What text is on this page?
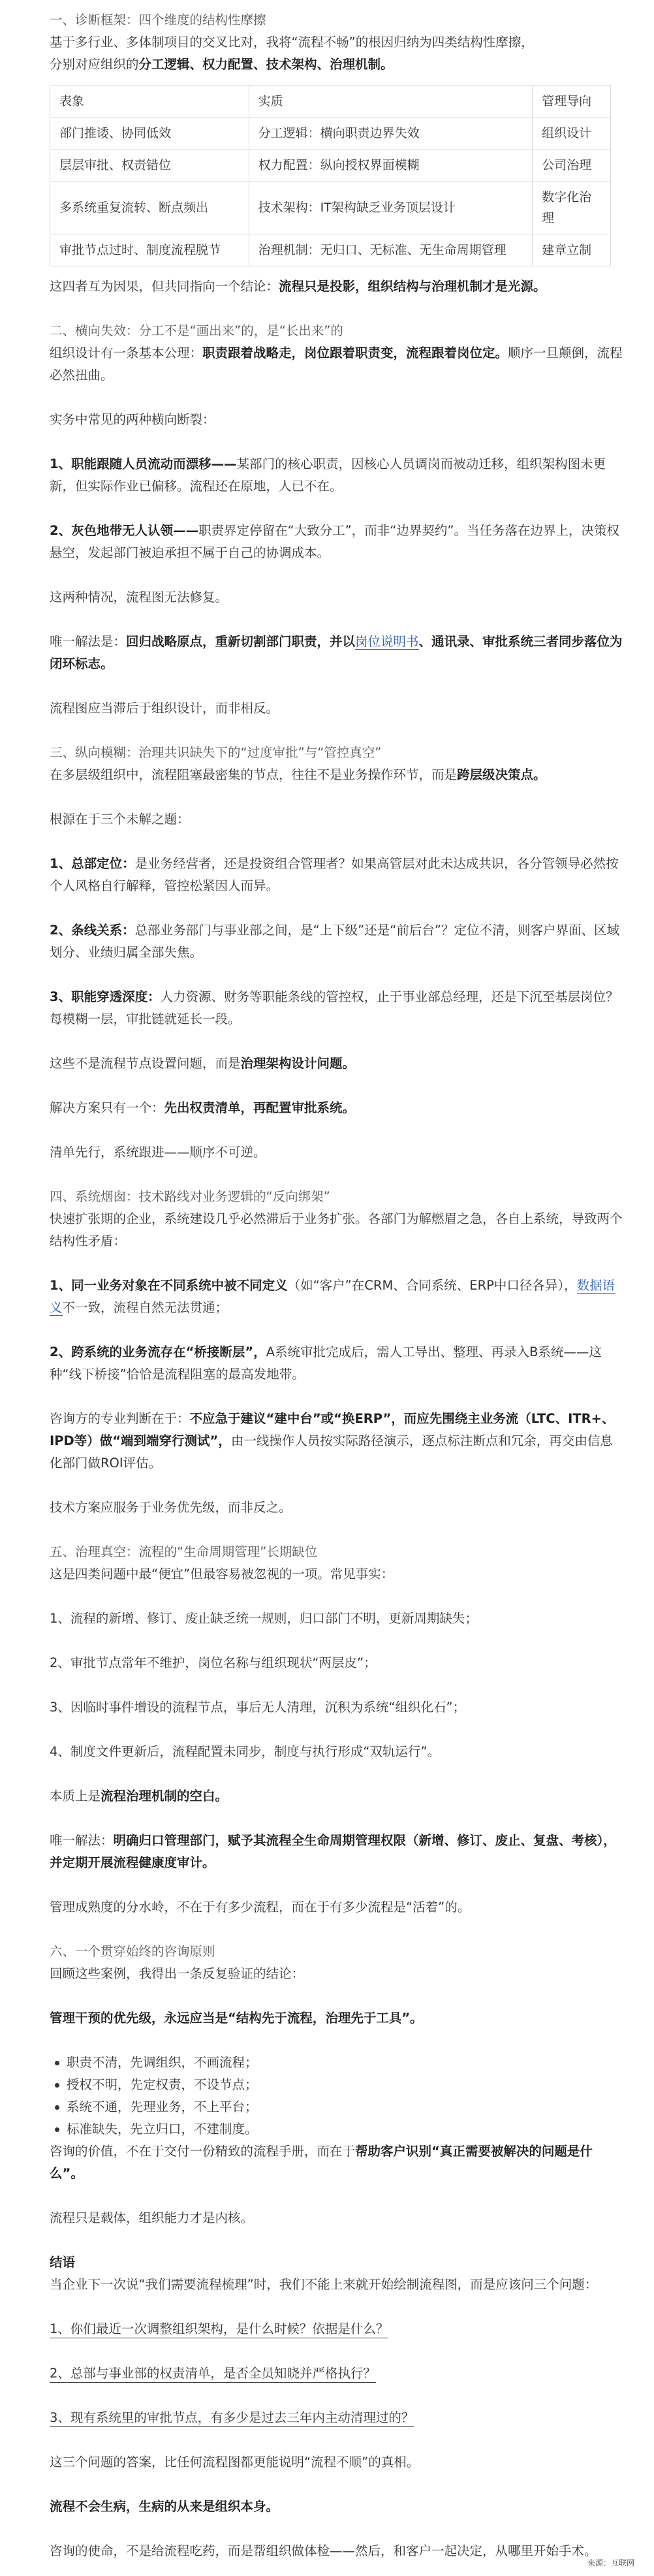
一、诊断框架：四个维度的结构性摩擦

基于多行业、多体制项目的交叉比对，我将“流程不畅”的根因归纳为四类结构性摩擦，

分别对应组织的分工逻辑、权力配置、技术架构、治理机制。

表象	实质	管理导向
部门推诿、协同低效	分工逻辑：横向职责边界失效	组织设计
层层审批、权责错位	权力配置：纵向授权界面模糊	公司治理
多系统重复流转、断点频出	技术架构：IT架构缺乏业务顶层设计	数字化治理
审批节点过时、制度流程脱节	治理机制：无归口、无标准、无生命周期管理	建章立制

这四者互为因果，但共同指向一个结论：流程只是投影，组织结构与治理机制才是光源。

二、横向失效：分工不是“画出来”的，是“长出来”的

组织设计有一条基本公理：职责跟着战略走，岗位跟着职责变，流程跟着岗位定。顺序一旦颠倒，流程必然扭曲。

实务中常见的两种横向断裂：

1、职能跟随人员流动而漂移——某部门的核心职责，因核心人员调岗而被动迁移，组织架构图未更新，但实际作业已偏移。流程还在原地，人已不在。

2、灰色地带无人认领——职责界定停留在“大致分工”，而非“边界契约”。当任务落在边界上，决策权悬空，发起部门被迫承担不属于自己的协调成本。

这两种情况，流程图无法修复。

唯一解法是：回归战略原点，重新切割部门职责，并以岗位说明书、通讯录、审批系统三者同步落位为闭环标志。

流程图应当滞后于组织设计，而非相反。

三、纵向模糊：治理共识缺失下的“过度审批”与“管控真空”

在多层级组织中，流程阻塞最密集的节点，往往不是业务操作环节，而是跨层级决策点。

根源在于三个未解之题：

1、总部定位：是业务经营者，还是投资组合管理者？如果高管层对此未达成共识，各分管领导必然按个人风格自行解释，管控松紧因人而异。

2、条线关系：总部业务部门与事业部之间，是“上下级”还是“前后台”？定位不清，则客户界面、区域划分、业绩归属全部失焦。

3、职能穿透深度：人力资源、财务等职能条线的管控权，止于事业部总经理，还是下沉至基层岗位？每模糊一层，审批链就延长一段。

这些不是流程节点设置问题，而是治理架构设计问题。

解决方案只有一个：先出权责清单，再配置审批系统。

清单先行，系统跟进——顺序不可逆。

四、系统烟囱：技术路线对业务逻辑的“反向绑架”

快速扩张期的企业，系统建设几乎必然滞后于业务扩张。各部门为解燃眉之急，各自上系统，导致两个结构性矛盾：

1、同一业务对象在不同系统中被不同定义（如“客户”在CRM、合同系统、ERP中口径各异），数据语义不一致，流程自然无法贯通；

2、跨系统的业务流存在“桥接断层”，A系统审批完成后，需人工导出、整理、再录入B系统——这种“线下桥接”恰恰是流程阻塞的最高发地带。

咨询方的专业判断在于：不应急于建议“建中台”或“换ERP”，而应先围绕主业务流（LTC、ITR+、IPD等）做“端到端穿行测试”，由一线操作人员按实际路径演示，逐点标注断点和冗余，再交由信息化部门做ROI评估。

技术方案应服务于业务优先级，而非反之。

五、治理真空：流程的“生命周期管理”长期缺位

这是四类问题中最“便宜”但最容易被忽视的一项。常见事实：

1、流程的新增、修订、废止缺乏统一规则，归口部门不明，更新周期缺失；

2、审批节点常年不维护，岗位名称与组织现状“两层皮”；

3、因临时事件增设的流程节点，事后无人清理，沉积为系统“组织化石”；

4、制度文件更新后，流程配置未同步，制度与执行形成“双轨运行”。

本质上是流程治理机制的空白。

唯一解法：明确归口管理部门，赋予其流程全生命周期管理权限（新增、修订、废止、复盘、考核），并定期开展流程健康度审计。

管理成熟度的分水岭，不在于有多少流程，而在于有多少流程是“活着”的。

六、一个贯穿始终的咨询原则

回顾这些案例，我得出一条反复验证的结论：

管理干预的优先级，永远应当是“结构先于流程，治理先于工具”。

职责不清，先调组织，不画流程；
授权不明，先定权责，不设节点；
系统不通，先理业务，不上平台；
标准缺失，先立归口，不建制度。

咨询的价值，不在于交付一份精致的流程手册，而在于帮助客户识别“真正需要被解决的问题是什么”。

流程只是载体，组织能力才是内核。

结语

当企业下一次说“我们需要流程梳理”时，我们不能上来就开始绘制流程图，而是应该问三个问题：

1、你们最近一次调整组织架构，是什么时候？依据是什么？

2、总部与事业部的权责清单，是否全员知晓并严格执行？

3、现有系统里的审批节点，有多少是过去三年内主动清理过的？

这三个问题的答案，比任何流程图都更能说明“流程不顺”的真相。

流程不会生病，生病的从来是组织本身。

咨询的使命，不是给流程吃药，而是帮组织做体检——然后，和客户一起决定，从哪里开始手术。

来源：互联网
